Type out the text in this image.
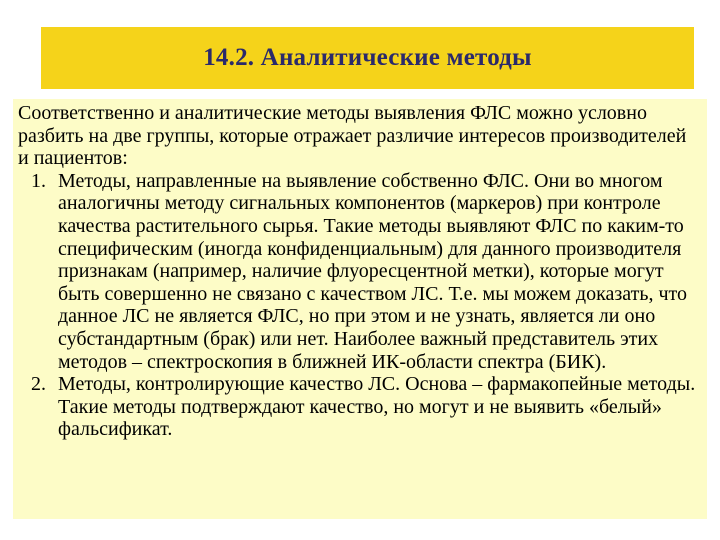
14.2. Аналитические методы

Соответственно и аналитические методы выявления ФЛС можно условно разбить на две группы, которые отражает различие интересов производителей и пациентов:

1. Методы, направленные на выявление собственно ФЛС. Они во многом аналогичны методу сигнальных компонентов (маркеров) при контроле качества растительного сырья. Такие методы выявляют ФЛС по каким-то специфическим (иногда конфиденциальным) для данного производителя признакам (например, наличие флуоресцентной метки), которые могут быть совершенно не связано с качеством ЛС. Т.е. мы можем доказать, что данное ЛС не является ФЛС, но при этом и не узнать, является ли оно субстандартным (брак) или нет. Наиболее важный представитель этих методов – спектроскопия в ближней ИК-области спектра (БИК).
2. Методы, контролирующие качество ЛС. Основа – фармакопейные методы. Такие методы подтверждают качество, но могут и не выявить «белый» фальсификат.
